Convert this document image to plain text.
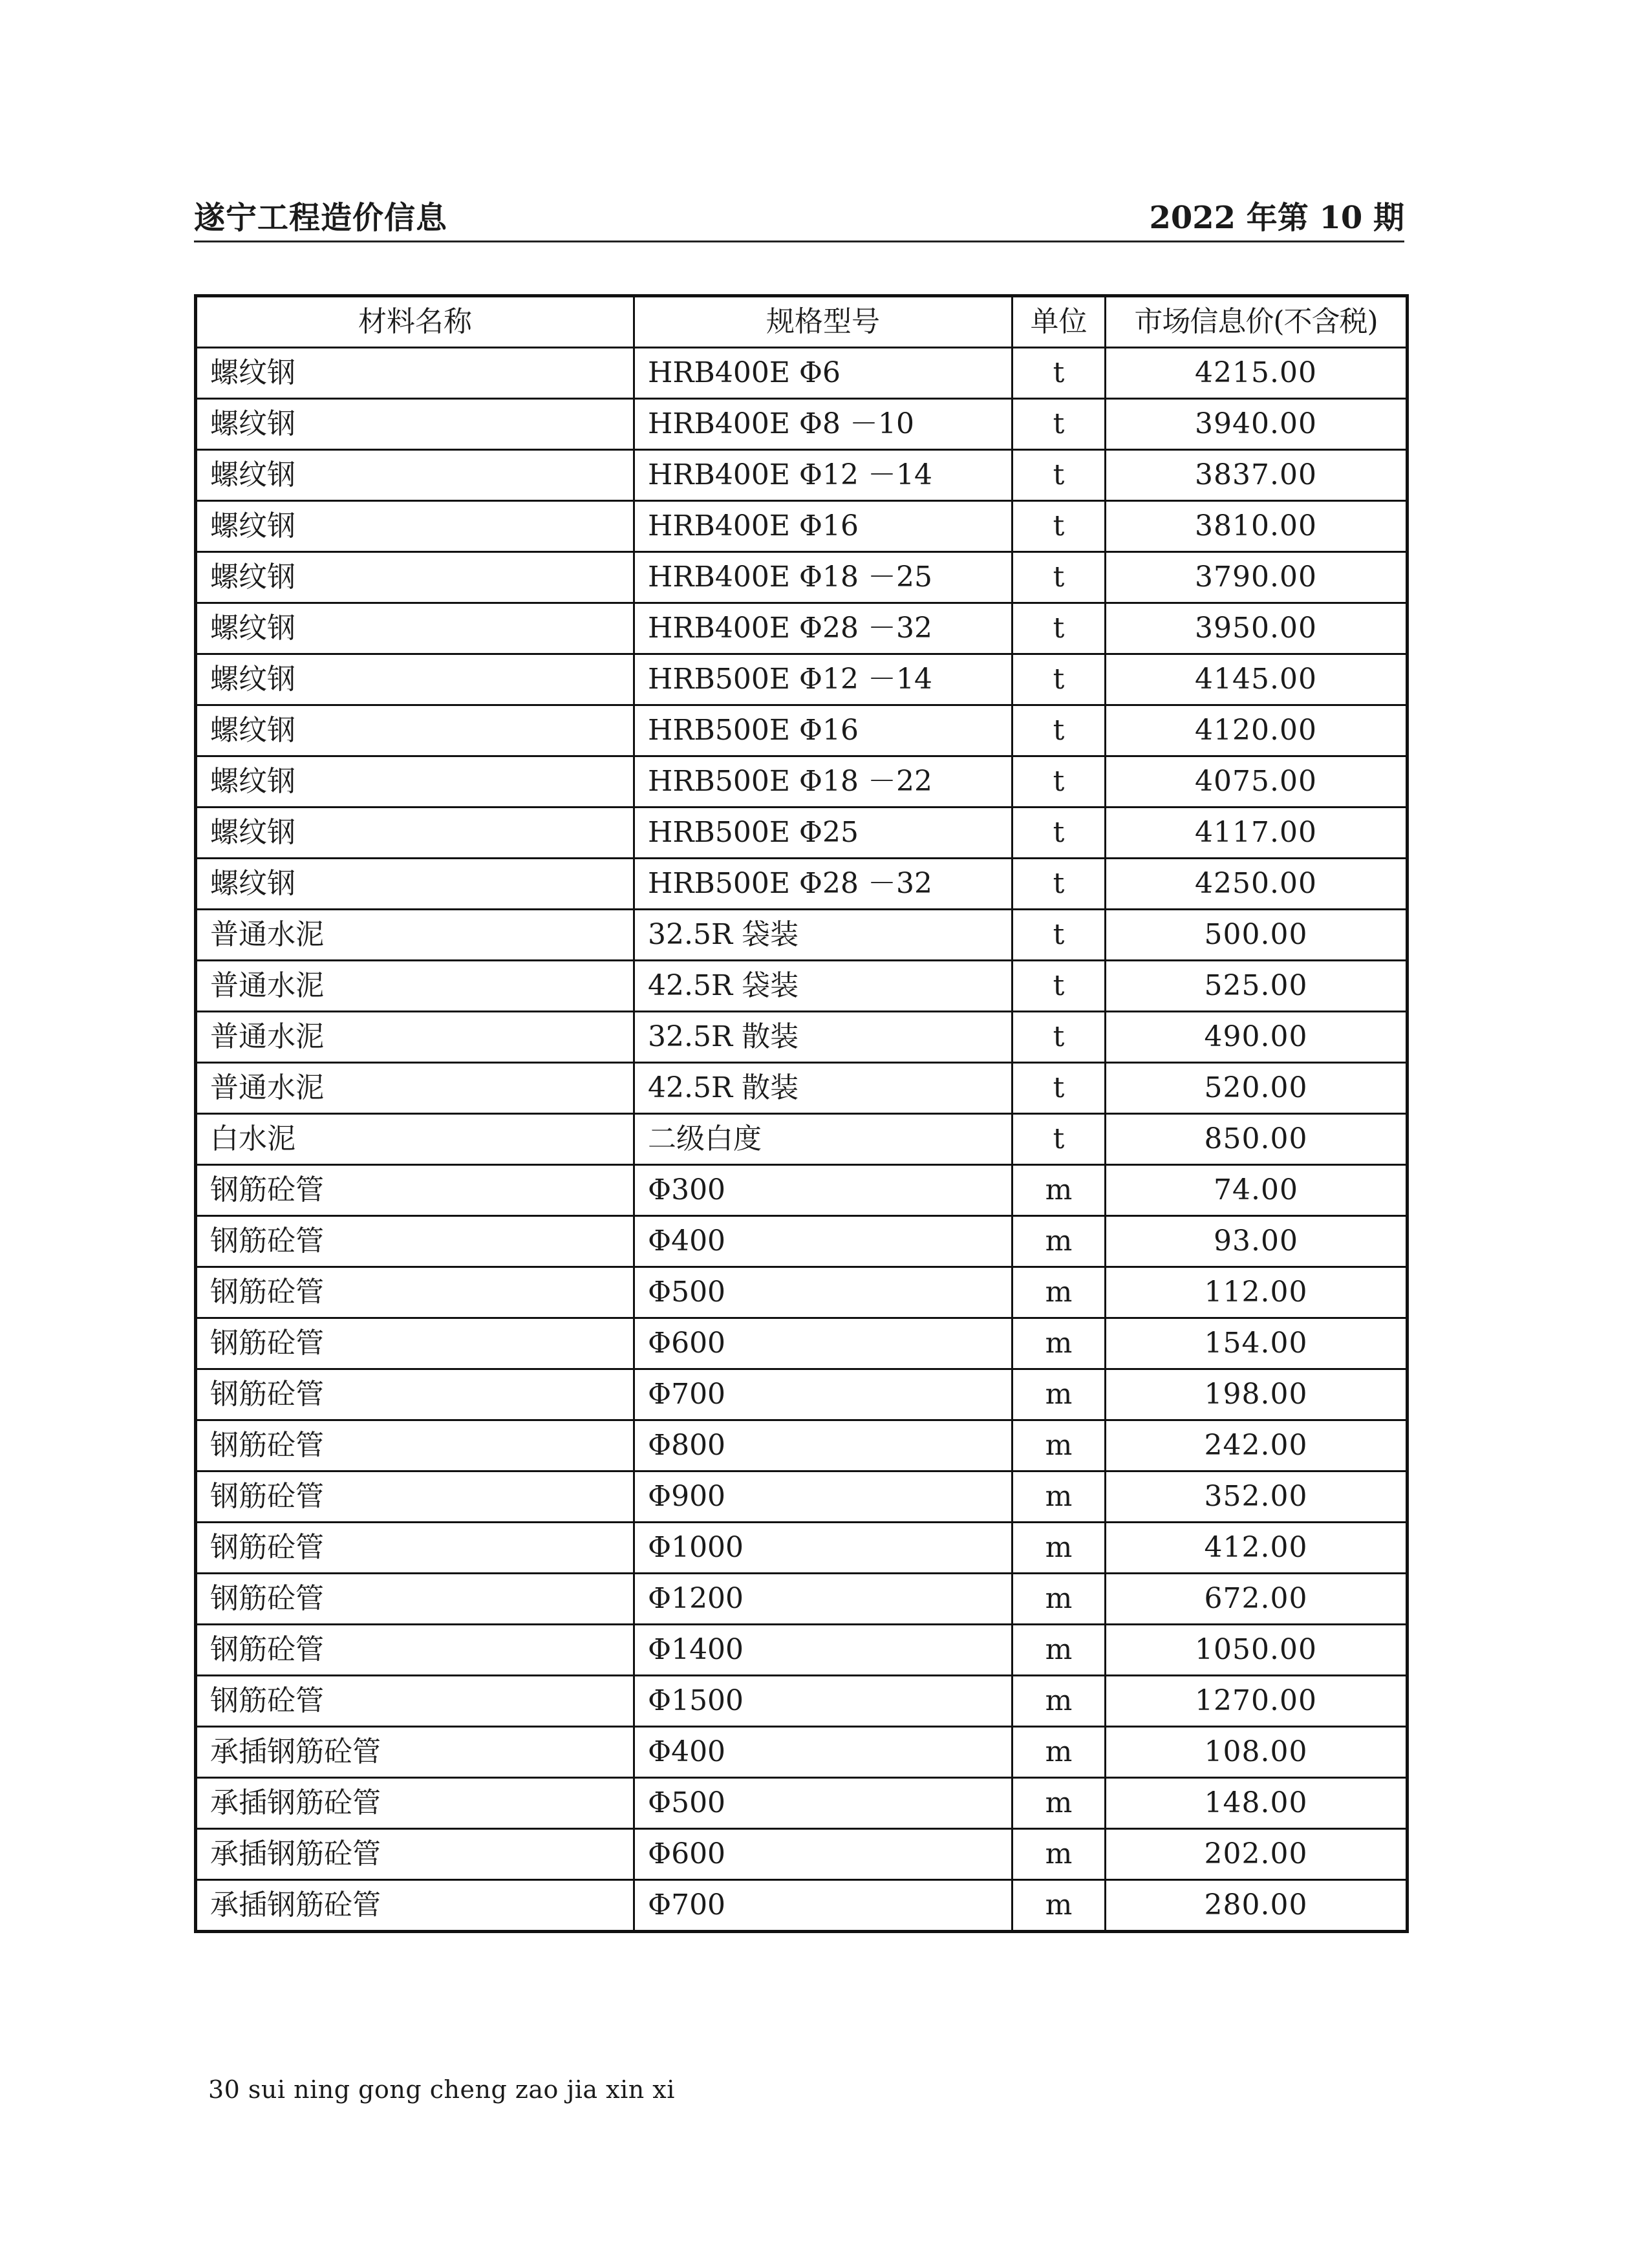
遂宁工程造价信息	2022 年第 10 期
材料名称	规格型号	单位	市场信息价(不含税)
螺纹钢	HRB400E Φ6	t	4215.00
螺纹钢	HRB400E Φ8 －10	t	3940.00
螺纹钢	HRB400E Φ12 －14	t	3837.00
螺纹钢	HRB400E Φ16	t	3810.00
螺纹钢	HRB400E Φ18 －25	t	3790.00
螺纹钢	HRB400E Φ28 －32	t	3950.00
螺纹钢	HRB500E Φ12 －14	t	4145.00
螺纹钢	HRB500E Φ16	t	4120.00
螺纹钢	HRB500E Φ18 －22	t	4075.00
螺纹钢	HRB500E Φ25	t	4117.00
螺纹钢	HRB500E Φ28 －32	t	4250.00
普通水泥	32.5R 袋装	t	500.00
普通水泥	42.5R 袋装	t	525.00
普通水泥	32.5R 散装	t	490.00
普通水泥	42.5R 散装	t	520.00
白水泥	二级白度	t	850.00
钢筋砼管	Φ300	m	74.00
钢筋砼管	Φ400	m	93.00
钢筋砼管	Φ500	m	112.00
钢筋砼管	Φ600	m	154.00
钢筋砼管	Φ700	m	198.00
钢筋砼管	Φ800	m	242.00
钢筋砼管	Φ900	m	352.00
钢筋砼管	Φ1000	m	412.00
钢筋砼管	Φ1200	m	672.00
钢筋砼管	Φ1400	m	1050.00
钢筋砼管	Φ1500	m	1270.00
承插钢筋砼管	Φ400	m	108.00
承插钢筋砼管	Φ500	m	148.00
承插钢筋砼管	Φ600	m	202.00
承插钢筋砼管	Φ700	m	280.00
30 sui ning gong cheng zao jia xin xi
